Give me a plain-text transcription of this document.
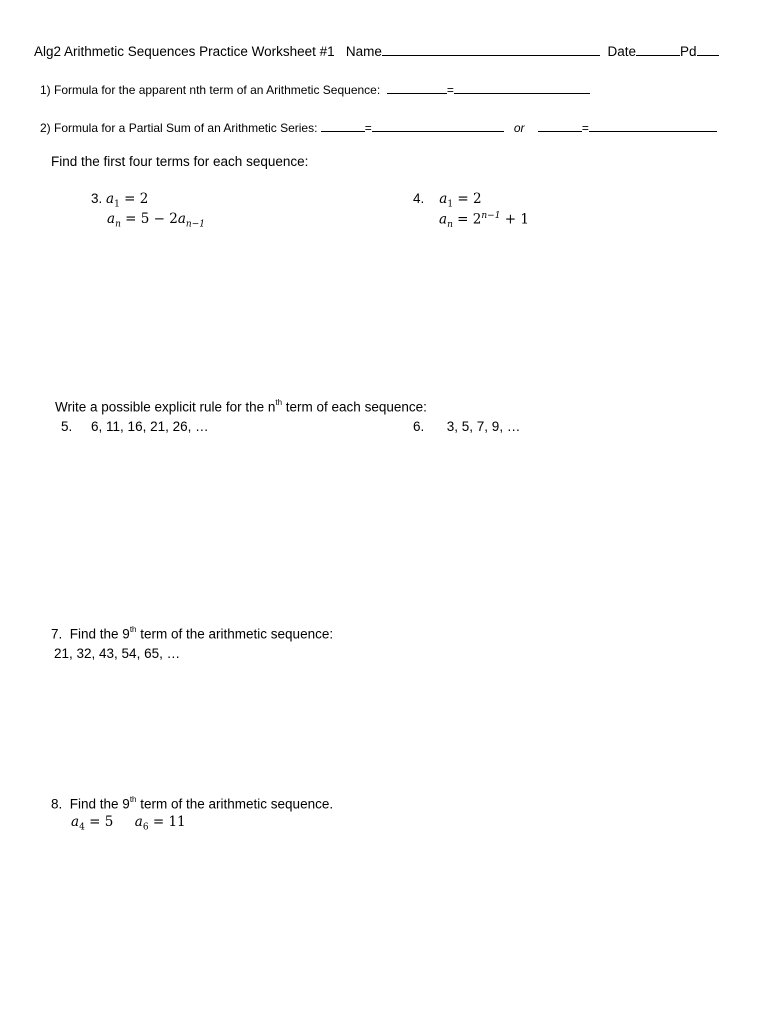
Alg2 Arithmetic Sequences Practice Worksheet #1 Name	Date	Pd
1) Formula for the apparent nth term of an Arithmetic Sequence:	=
2) Formula for a Partial Sum of an Arithmetic Series:	=	or	=
Find the first four terms for each sequence:
3. $a_1 = 2$
$a_n = 5 - 2a_{n-1}$
4. $a_1 = 2$
$a_n = 2^{n-1} + 1$
Write a possible explicit rule for the $n^{th}$ term of each sequence:
5. 6, 11, 16, 21, 26, …	6. 3, 5, 7, 9, …
7. Find the 9th term of the arithmetic sequence:
21, 32, 43, 54, 65, …
8. Find the 9th term of the arithmetic sequence.
$a_4 = 5$ $a_6 = 11$
